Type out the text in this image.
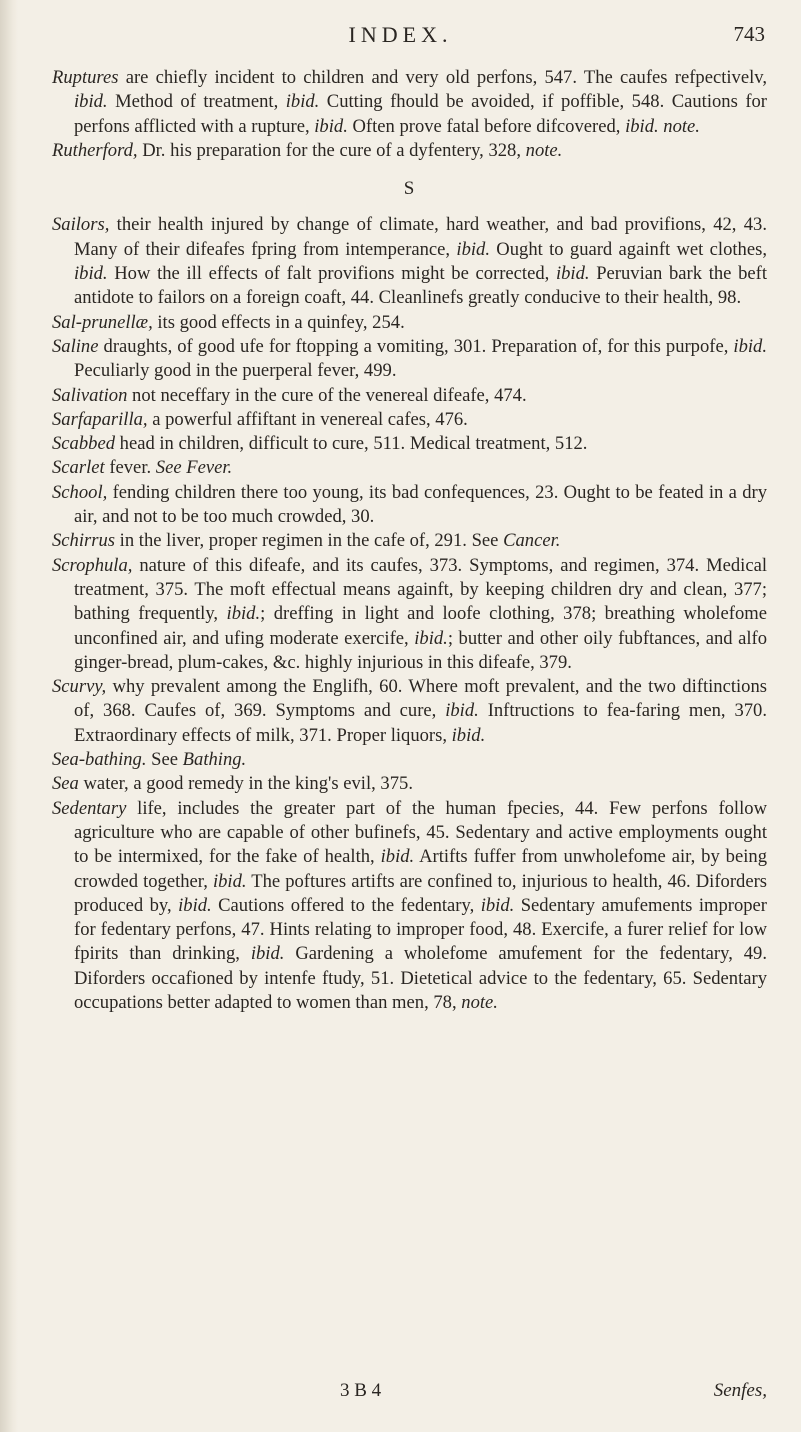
INDEX.	743

Ruptures are chiefly incident to children and very old perfons, 547. The caufes refpectivelv, ibid. Method of treatment, ibid. Cutting fhould be avoided, if poffible, 548. Cautions for perfons afflicted with a rupture, ibid. Often prove fatal before difcovered, ibid. note.

Rutherford, Dr. his preparation for the cure of a dyfentery, 328, note.

S

Sailors, their health injured by change of climate, hard weather, and bad provifions, 42, 43. Many of their difeafes fpring from intemperance, ibid. Ought to guard againft wet clothes, ibid. How the ill effects of falt provifions might be corrected, ibid. Peruvian bark the beft antidote to failors on a foreign coaft, 44. Cleanlinefs greatly conducive to their health, 98.

Sal-prunellæ, its good effects in a quinfey, 254.

Saline draughts, of good ufe for ftopping a vomiting, 301. Preparation of, for this purpofe, ibid. Peculiarly good in the puerperal fever, 499.

Salivation not neceffary in the cure of the venereal difeafe, 474.

Sarfaparilla, a powerful affiftant in venereal cafes, 476.

Scabbed head in children, difficult to cure, 511. Medical treatment, 512.

Scarlet fever. See Fever.

School, fending children there too young, its bad confequences, 23. Ought to be feated in a dry air, and not to be too much crowded, 30.

Schirrus in the liver, proper regimen in the cafe of, 291. See Cancer.

Scrophula, nature of this difeafe, and its caufes, 373. Symptoms, and regimen, 374. Medical treatment, 375. The moft effectual means againft, by keeping children dry and clean, 377; bathing frequently, ibid.; dreffing in light and loofe clothing, 378; breathing wholefome unconfined air, and ufing moderate exercife, ibid.; butter and other oily fubftances, and alfo ginger-bread, plum-cakes, &c. highly injurious in this difeafe, 379.

Scurvy, why prevalent among the Englifh, 60. Where moft prevalent, and the two diftinctions of, 368. Caufes of, 369. Symptoms and cure, ibid. Inftructions to fea-faring men, 370. Extraordinary effects of milk, 371. Proper liquors, ibid.

Sea-bathing. See Bathing.

Sea water, a good remedy in the king's evil, 375.

Sedentary life, includes the greater part of the human fpecies, 44. Few perfons follow agriculture who are capable of other bufinefs, 45. Sedentary and active employments ought to be intermixed, for the fake of health, ibid. Artifts fuffer from unwholefome air, by being crowded together, ibid. The poftures artifts are confined to, injurious to health, 46. Diforders produced by, ibid. Cautions offered to the fedentary, ibid. Sedentary amufements improper for fedentary perfons, 47. Hints relating to improper food, 48. Exercife, a furer relief for low fpirits than drinking, ibid. Gardening a wholefome amufement for the fedentary, 49. Diforders occafioned by intenfe ftudy, 51. Dietetical advice to the fedentary, 65. Sedentary occupations better adapted to women than men, 78, note.

3 B 4	Senfes,
